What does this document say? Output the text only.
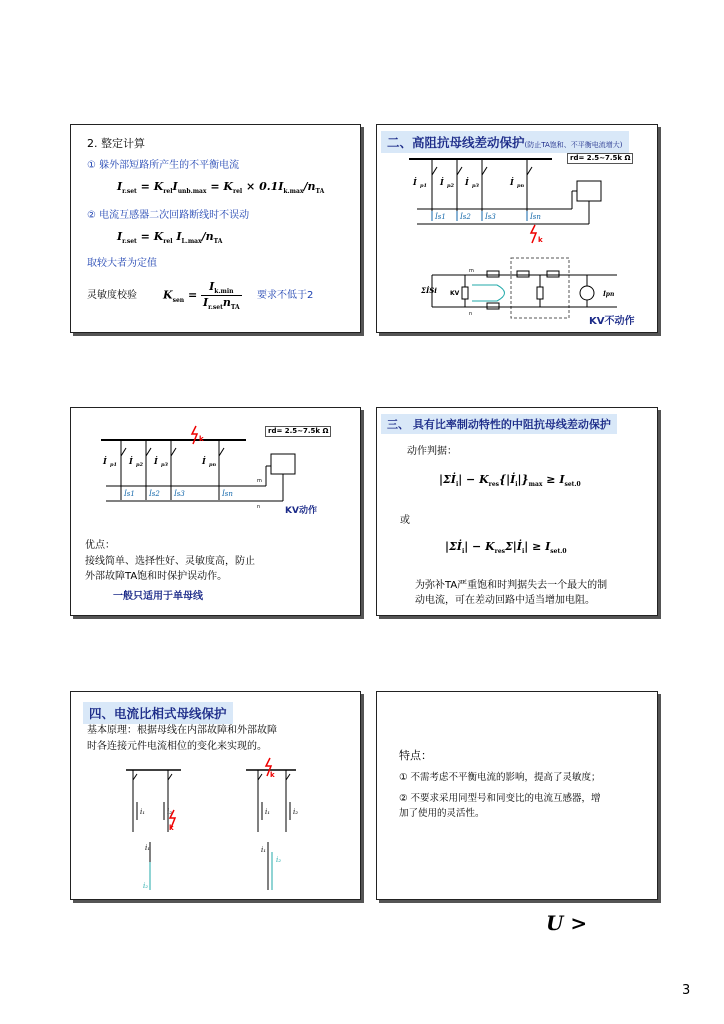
2. 整定计算
① 躲外部短路所产生的不平衡电流
$I_{r.set} = K_{rel}I_{unb.max} = K_{rel} \times 0.1I_{k.max}/n_{TA}$
② 电流互感器二次回路断线时不误动
$I_{r.set} = K_{rel}$ $I_{L.max}/n_{TA}$
取较大者为定值
灵敏度校验 $K_{sen} = \frac{I_{k.min}}{I_{r.set}n_{TA}}$ 要求不低于2
二、高阻抗母线差动保护(防止TA饱和、不平衡电流增大)
İ p1 İ p2 İ p3	İ pn
İs1 İs2 İs3	İsn
İpn
ΣİSi KV
m
n
rd= 2.5~7.5k Ω
k
KV不动作
İ p1 İ p2 İ p3	İ pn
İs1 İs2 İs3	İsn
m
n
rd= 2.5~7.5k Ω
k
KV动作
优点：
接线简单、选择性好、灵敏度高，防止
外部故障TA饱和时保护误动作。
一般只适用于单母线
三、 具有比率制动特性的中阻抗母线差动保护
动作判据：
$|\Sigma İ_i|$ − $K_{res}\{|İ_i|\}_{max} \ge I_{set.0}$
或
$|\Sigma İ_i|$ − $K_{res}\Sigma|İ_i| \ge I_{set.0}$
为弥补TA严重饱和时判据失去一个最大的制
动电流，可在差动回路中适当增加电阻。
四、电流比相式母线保护
基本原理：根据母线在内部故障和外部故障
时各连接元件电流相位的变化来实现的。
i₁	i₂	i₁	i₂
i₁
i₂
i₁
i₂
k
k
特点：
① 不需考虑不平衡电流的影响，提高了灵敏度；
② 不要求采用同型号和同变比的电流互感器，增
加了使用的灵活性。
U >
3
